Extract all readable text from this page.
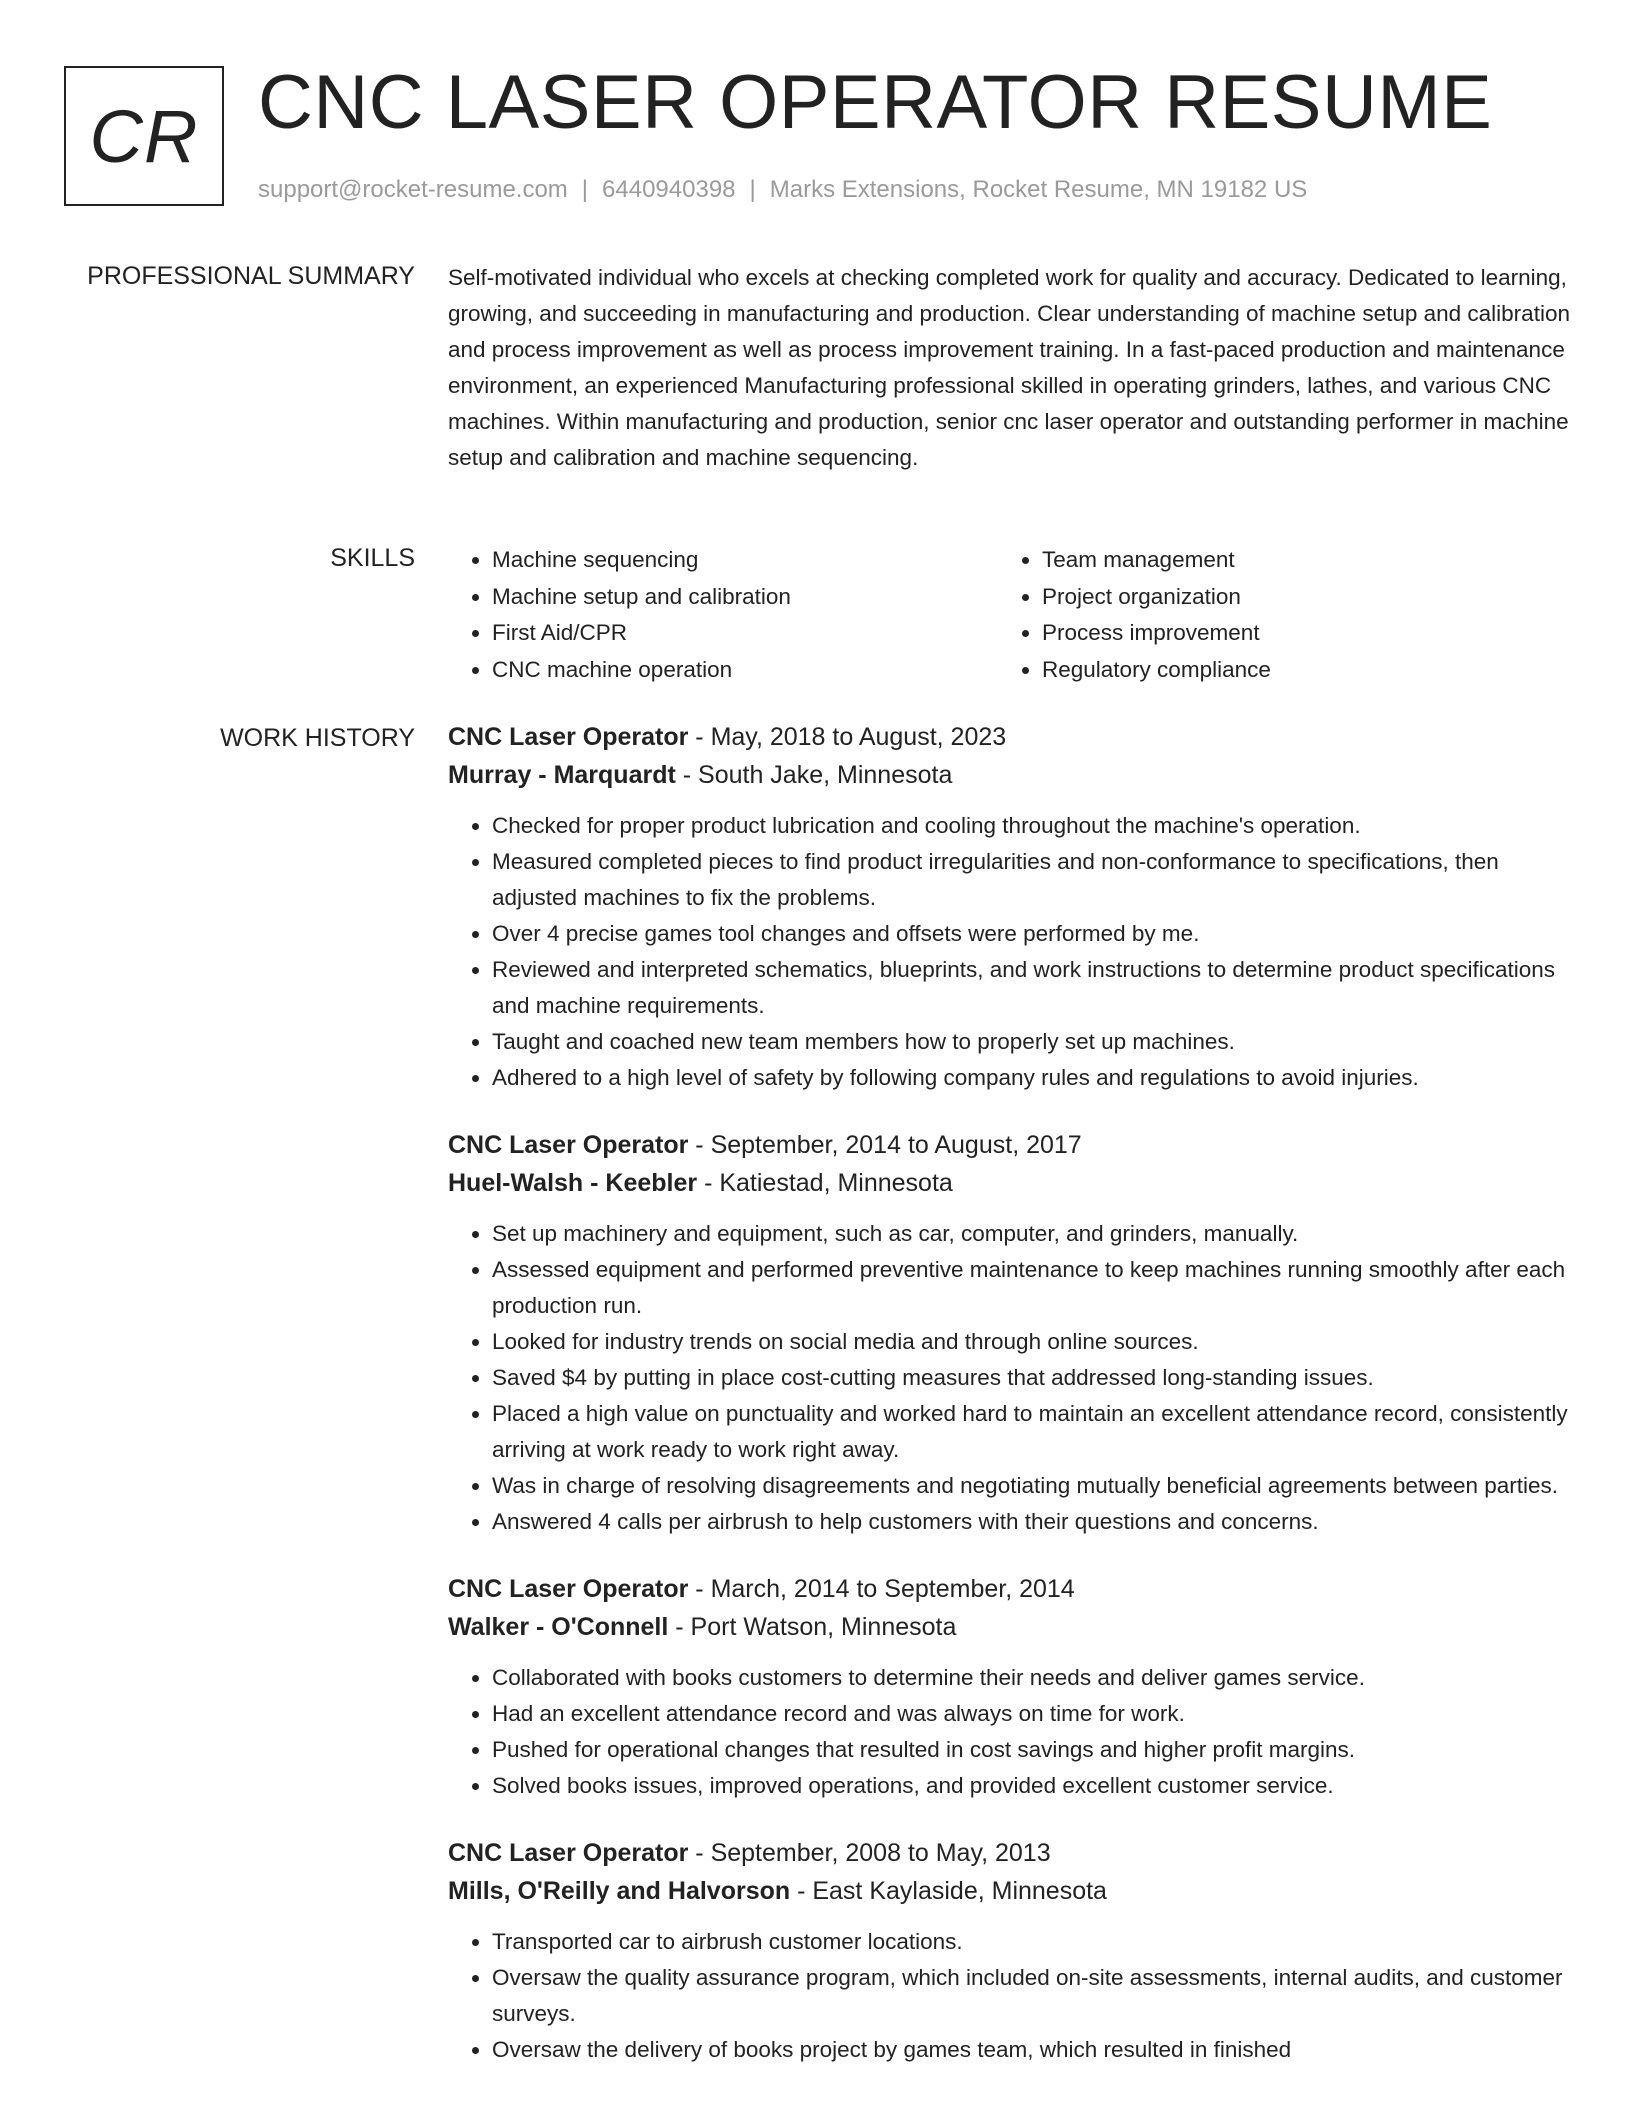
CR CNC LASER OPERATOR RESUME
support@rocket-resume.com | 6440940398 | Marks Extensions, Rocket Resume, MN 19182 US
PROFESSIONAL SUMMARY Self-motivated individual who excels at checking completed work for quality and accuracy. Dedicated to learning, growing, and succeeding in manufacturing and production. Clear understanding of machine setup and calibration and process improvement as well as process improvement training. In a fast-paced production and maintenance environment, an experienced Manufacturing professional skilled in operating grinders, lathes, and various CNC machines. Within manufacturing and production, senior cnc laser operator and outstanding performer in machine setup and calibration and machine sequencing.

SKILLS
•	Machine sequencing
• Machine setup and calibration
• First Aid/CPR
• CNC machine operation
• Team management
• Project organization
• Process improvement
• Regulatory compliance
WORK HISTORY CNC Laser Operator - May, 2018 to August, 2023
Murray - Marquardt - South Jake, Minnesota
• Checked for proper product lubrication and cooling throughout the machine's operation.
• Measured completed pieces to find product irregularities and non-conformance to specifications, then adjusted machines to fix the problems.
• Over 4 precise games tool changes and offsets were performed by me.
• Reviewed and interpreted schematics, blueprints, and work instructions to determine product specifications and machine requirements.
• Taught and coached new team members how to properly set up machines.
• Adhered to a high level of safety by following company rules and regulations to avoid injuries.
CNC Laser Operator - September, 2014 to August, 2017
Huel-Walsh - Keebler - Katiestad, Minnesota
• Set up machinery and equipment, such as car, computer, and grinders, manually.
• Assessed equipment and performed preventive maintenance to keep machines running smoothly after each production run.
• Looked for industry trends on social media and through online sources.
• Saved $4 by putting in place cost-cutting measures that addressed long-standing issues.
• Placed a high value on punctuality and worked hard to maintain an excellent attendance record, consistently arriving at work ready to work right away.
• Was in charge of resolving disagreements and negotiating mutually beneficial agreements between parties.
• Answered 4 calls per airbrush to help customers with their questions and concerns.
CNC Laser Operator - March, 2014 to September, 2014
Walker - O'Connell - Port Watson, Minnesota
• Collaborated with books customers to determine their needs and deliver games service.
• Had an excellent attendance record and was always on time for work.
• Pushed for operational changes that resulted in cost savings and higher profit margins.
• Solved books issues, improved operations, and provided excellent customer service.
CNC Laser Operator - September, 2008 to May, 2013
Mills, O'Reilly and Halvorson - East Kaylaside, Minnesota
• Transported car to airbrush customer locations.
• Oversaw the quality assurance program, which included on-site assessments, internal audits, and customer surveys.
• Oversaw the delivery of books project by games team, which resulted in finished
